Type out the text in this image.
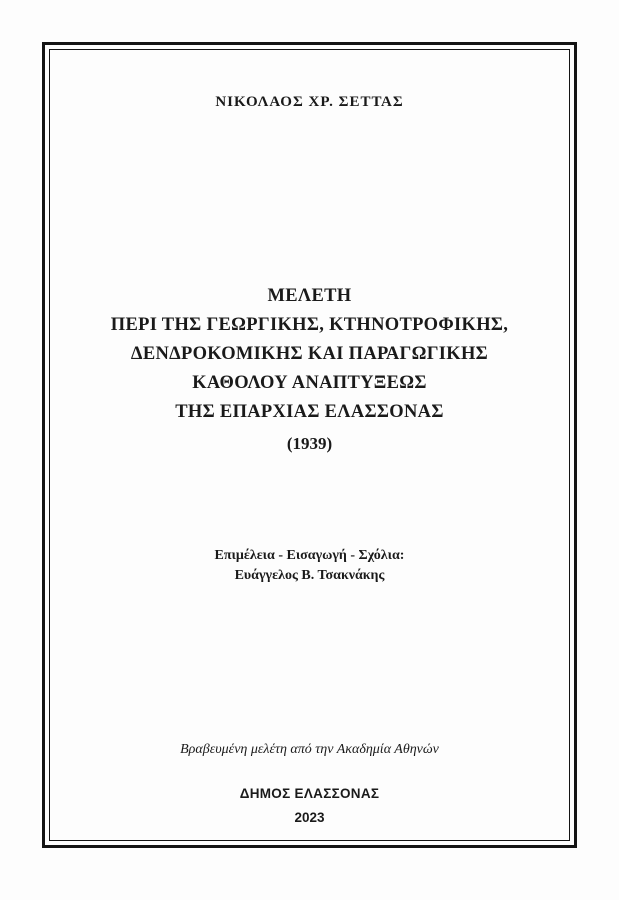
ΝΙΚΟΛΑΟΣ ΧΡ. ΣΕΤΤΑΣ
ΜΕΛΕΤΗ
ΠΕΡΙ ΤΗΣ ΓΕΩΡΓΙΚΗΣ, ΚΤΗΝΟΤΡΟΦΙΚΗΣ,
ΔΕΝΔΡΟΚΟΜΙΚΗΣ ΚΑΙ ΠΑΡΑΓΩΓΙΚΗΣ
ΚΑΘΟΛΟΥ ΑΝΑΠΤΥΞΕΩΣ
ΤΗΣ ΕΠΑΡΧΙΑΣ ΕΛΑΣΣΟΝΑΣ
(1939)
Επιμέλεια - Εισαγωγή - Σχόλια:
Ευάγγελος Β. Τσακνάκης
Βραβευμένη μελέτη από την Ακαδημία Αθηνών
ΔΗΜΟΣ ΕΛΑΣΣΟΝΑΣ
2023
